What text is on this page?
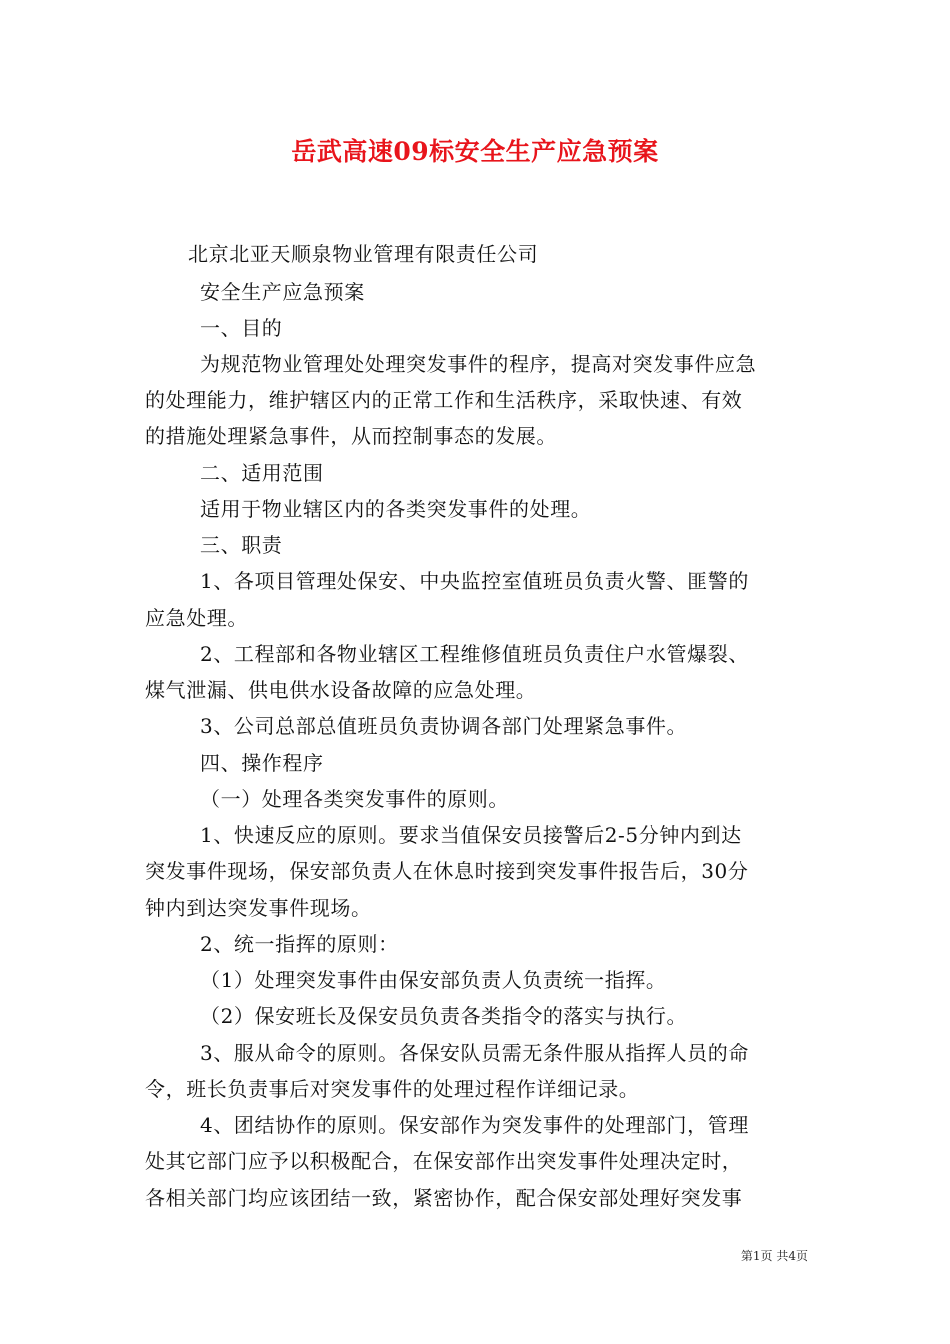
岳武高速09标安全生产应急预案
北京北亚天顺泉物业管理有限责任公司
安全生产应急预案
一、目的
为规范物业管理处处理突发事件的程序，提高对突发事件应急
的处理能力，维护辖区内的正常工作和生活秩序，采取快速、有效
的措施处理紧急事件，从而控制事态的发展。
二、适用范围
适用于物业辖区内的各类突发事件的处理。
三、职责
1、各项目管理处保安、中央监控室值班员负责火警、匪警的
应急处理。
2、工程部和各物业辖区工程维修值班员负责住户水管爆裂、
煤气泄漏、供电供水设备故障的应急处理。
3、公司总部总值班员负责协调各部门处理紧急事件。
四、操作程序
（一）处理各类突发事件的原则。
1、快速反应的原则。要求当值保安员接警后2-5分钟内到达
突发事件现场，保安部负责人在休息时接到突发事件报告后，30分
钟内到达突发事件现场。
2、统一指挥的原则：
（1）处理突发事件由保安部负责人负责统一指挥。
（2）保安班长及保安员负责各类指令的落实与执行。
3、服从命令的原则。各保安队员需无条件服从指挥人员的命
令，班长负责事后对突发事件的处理过程作详细记录。
4、团结协作的原则。保安部作为突发事件的处理部门，管理
处其它部门应予以积极配合，在保安部作出突发事件处理决定时，
各相关部门均应该团结一致，紧密协作，配合保安部处理好突发事
第1页 共4页
